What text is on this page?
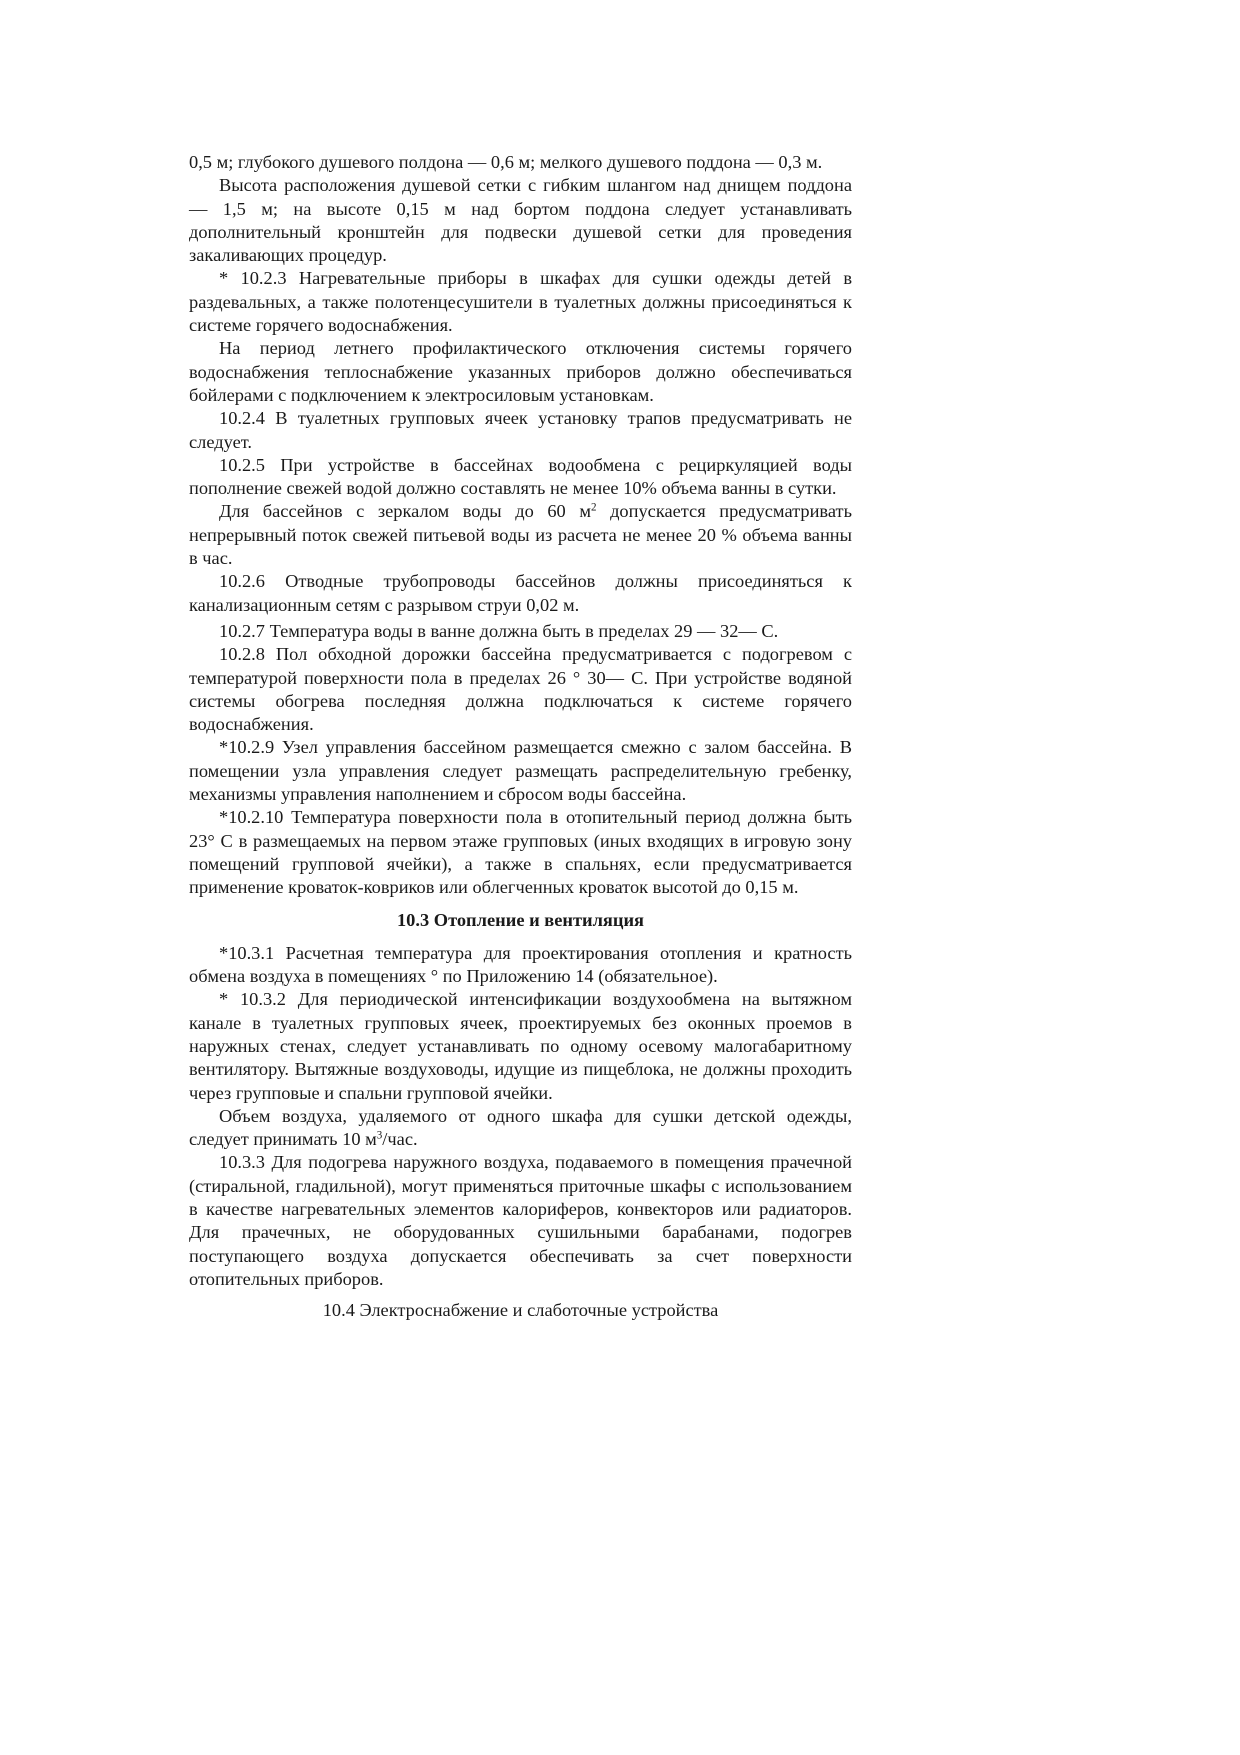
0,5 м; глубокого душевого полдона — 0,6 м; мелкого душевого поддона — 0,3 м.

Высота расположения душевой сетки с гибким шлангом над днищем поддона — 1,5 м; на высоте 0,15 м над бортом поддона следует устанавливать дополнительный кронштейн для подвески душевой сетки для проведения закаливающих процедур.

* 10.2.3 Нагревательные приборы в шкафах для сушки одежды детей в раздевальных, а также полотенцесушители в туалетных должны присоединяться к системе горячего водоснабжения.

На период летнего профилактического отключения системы горячего водоснабжения теплоснабжение указанных приборов должно обеспечиваться бойлерами с подключением к электросиловым установкам.

10.2.4 В туалетных групповых ячеек установку трапов предусматривать не следует.

10.2.5 При устройстве в бассейнах водообмена с рециркуляцией воды пополнение свежей водой должно составлять не менее 10% объема ванны в сутки.

Для бассейнов с зеркалом воды до 60 $м^2$ допускается предусматривать непрерывный поток свежей питьевой воды из расчета не менее 20 % объема ванны в час.

10.2.6 Отводные трубопроводы бассейнов должны присоединяться к канализационным сетям с разрывом струи 0,02 м.

10.2.7 Температура воды в ванне должна быть в пределах 29 — 32— С.

10.2.8 Пол обходной дорожки бассейна предусматривается с подогревом с температурой поверхности пола в пределах 26 ° 30— С. При устройстве водяной системы обогрева последняя должна подключаться к системе горячего водоснабжения.

*10.2.9 Узел управления бассейном размещается смежно с залом бассейна. В помещении узла управления следует размещать распределительную гребенку, механизмы управления наполнением и сбросом воды бассейна.

*10.2.10 Температура поверхности пола в отопительный период должна быть 23° С в размещаемых на первом этаже групповых (иных входящих в игровую зону помещений групповой ячейки), а также в спальнях, если предусматривается применение кроваток-ковриков или облегченных кроваток высотой до 0,15 м.

10.3 Отопление и вентиляция

*10.3.1 Расчетная температура для проектирования отопления и кратность обмена воздуха в помещениях ° по Приложению 14 (обязательное).

* 10.3.2 Для периодической интенсификации воздухообмена на вытяжном канале в туалетных групповых ячеек, проектируемых без оконных проемов в наружных стенах, следует устанавливать по одному осевому малогабаритному вентилятору. Вытяжные воздуховоды, идущие из пищеблока, не должны проходить через групповые и спальни групповой ячейки.

Объем воздуха, удаляемого от одного шкафа для сушки детской одежды, следует принимать 10 $м^3$/час.

10.3.3 Для подогрева наружного воздуха, подаваемого в помещения прачечной (стиральной, гладильной), могут применяться приточные шкафы с использованием в качестве нагревательных элементов калориферов, конвекторов или радиаторов. Для прачечных, не оборудованных сушильными барабанами, подогрев поступающего воздуха допускается обеспечивать за счет поверхности отопительных приборов.

10.4 Электроснабжение и слаботочные устройства
